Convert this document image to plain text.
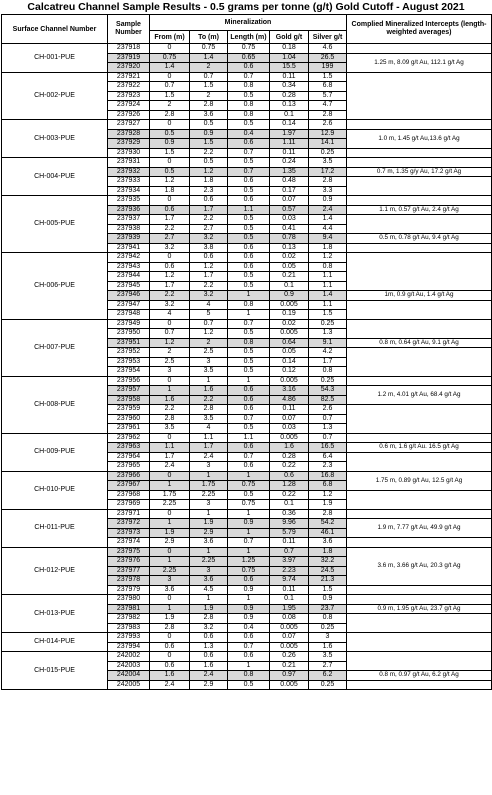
Calcatreu Channel Sample Results - 0.5 grams per tonne (g/t) Gold Cutoff - August 2021
Surface Channel Number	Sample Number	Mineralization					Complied Mineralized Intercepts (length-weighted averages)
		From (m)	To (m)	Length (m)	Gold g/t	Silver g/t	
CH-001-PUE	237918	0	0.75	0.75	0.18	4.6	
	237919	0.75	1.4	0.65	1.04	26.5	1.25 m, 8.09 g/t Au, 112.1 g/t Ag
	237920	1.4	2	0.6	15.5	199	
CH-002-PUE	237921	0	0.7	0.7	0.11	1.5	
	237922	0.7	1.5	0.8	0.34	6.8	
	237923	1.5	2	0.5	0.28	5.7	
	237924	2	2.8	0.8	0.13	4.7	
	237926	2.8	3.6	0.8	0.1	2.8	
CH-003-PUE	237927	0	0.5	0.5	0.14	2.6	
	237928	0.5	0.9	0.4	1.97	12.9	1.0 m, 1.45 g/t Au,13.6 g/t Ag
	237929	0.9	1.5	0.6	1.11	14.1	
	237930	1.5	2.2	0.7	0.11	0.25	
CH-004-PUE	237931	0	0.5	0.5	0.24	3.5	
	237932	0.5	1.2	0.7	1.35	17.2	0.7 m, 1.35 g/y Au, 17.2 g/t Ag
	237933	1.2	1.8	0.6	0.48	2.8	
	237934	1.8	2.3	0.5	0.17	3.3	
CH-005-PUE	237935	0	0.6	0.6	0.07	0.9	
	237936	0.6	1.7	1.1	0.57	2.4	1.1 m, 0.57 g/t Au, 2.4 g/t Ag
	237937	1.7	2.2	0.5	0.03	1.4	
	237938	2.2	2.7	0.5	0.41	4.4	
	237939	2.7	3.2	0.5	0.78	9.4	0.5 m, 0.78 g/t Au, 9.4 g/t Ag
	237941	3.2	3.8	0.6	0.13	1.8	
CH-006-PUE	237942	0	0.6	0.6	0.02	1.2	
	237943	0.6	1.2	0.6	0.05	0.8	
	237944	1.2	1.7	0.5	0.21	1.1	
	237945	1.7	2.2	0.5	0.1	1.1	
	237946	2.2	3.2	1	0.9	1.4	1m, 0.9 g/t Au, 1.4 g/t Ag
	237947	3.2	4	0.8	0.005	1.1	
	237948	4	5	1	0.19	1.5	
CH-007-PUE	237949	0	0.7	0.7	0.02	0.25	
	237950	0.7	1.2	0.5	0.005	1.3	
	237951	1.2	2	0.8	0.64	9.1	0.8 m, 0.64 g/t Au, 9.1 g/t Ag
	237952	2	2.5	0.5	0.05	4.2	
	237953	2.5	3	0.5	0.14	1.7	
	237954	3	3.5	0.5	0.12	0.8	
CH-008-PUE	237956	0	1	1	0.005	0.25	
	237957	1	1.6	0.6	3.16	54.3	1.2 m, 4.01 g/t Au, 68.4 g/t Ag
	237958	1.6	2.2	0.6	4.86	82.5	
	237959	2.2	2.8	0.6	0.11	2.6	
	237960	2.8	3.5	0.7	0.07	0.7	
	237961	3.5	4	0.5	0.03	1.3	
CH-009-PUE	237962	0	1.1	1.1	0.005	0.7	
	237963	1.1	1.7	0.6	1.6	16.5	0.6 m, 1.6 g/t Au. 16.5 g/t Ag
	237964	1.7	2.4	0.7	0.28	6.4	
	237965	2.4	3	0.6	0.22	2.3	
CH-010-PUE	237966	0	1	1	0.6	16.8	1.75 m, 0.89 g/t Au, 12.5 g/t Ag
	237967	1	1.75	0.75	1.28	6.8	
	237968	1.75	2.25	0.5	0.22	1.2	
	237969	2.25	3	0.75	0.1	1.9	
CH-011-PUE	237971	0	1	1	0.36	2.8	
	237972	1	1.9	0.9	9.96	54.2	1.9 m, 7.77 g/t Au, 49.9 g/t Ag
	237973	1.9	2.9	1	5.79	46.1	
	237974	2.9	3.6	0.7	0.11	3.6	
CH-012-PUE	237975	0	1	1	0.7	1.8	3.6 m, 3.66 g/t Au, 20.3 g/t Ag
	237976	1	2.25	1.25	3.97	32.2	
	237977	2.25	3	0.75	2.23	24.5	
	237978	3	3.6	0.6	9.74	21.3	
	237979	3.6	4.5	0.9	0.11	1.5	
CH-013-PUE	237980	0	1	1	0.1	0.9	
	237981	1	1.9	0.9	1.95	23.7	0.9 m, 1.95 g/t Au, 23.7 g/t Ag
	237982	1.9	2.8	0.9	0.08	0.8	
	237983	2.8	3.2	0.4	0.005	0.25	
CH-014-PUE	237993	0	0.6	0.6	0.07	3	
	237994	0.6	1.3	0.7	0.005	1.6	
CH-015-PUE	242002	0	0.6	0.6	0.26	3.5	
	242003	0.6	1.6	1	0.21	2.7	
	242004	1.6	2.4	0.8	0.97	6.2	0.8 m, 0.97 g/t Au, 6.2 g/t Ag
	242005	2.4	2.9	0.5	0.005	0.25	
